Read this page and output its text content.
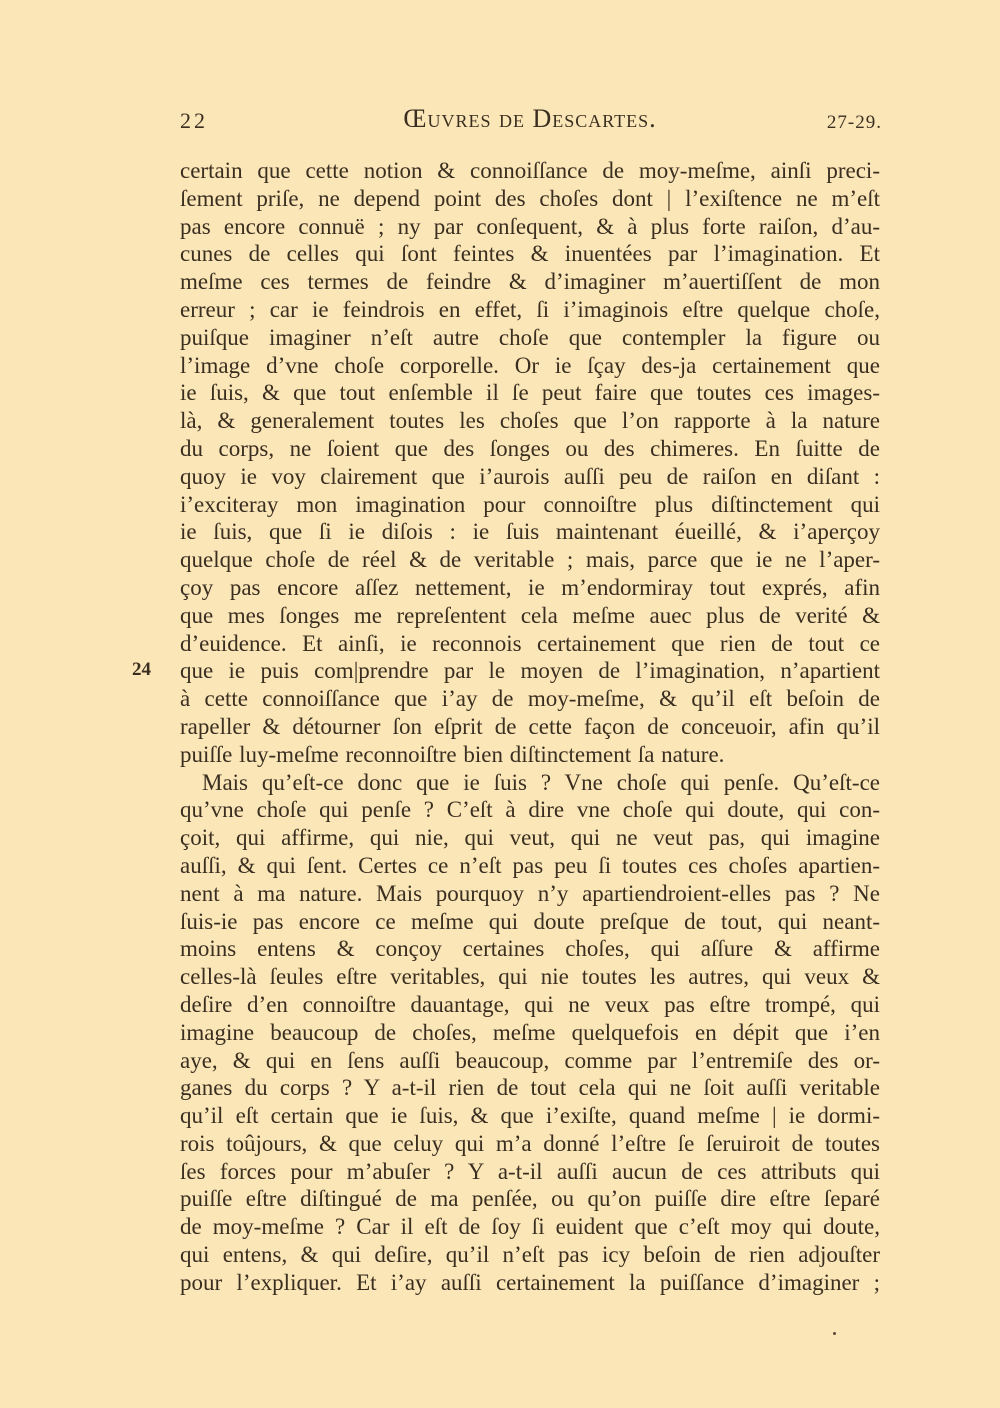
22	Œuvres de Descartes.	27-29.
24
certain que cette notion & connoiſſance de moy-meſme, ainſi preci-
ſement priſe, ne depend point des choſes dont | l’exiſtence ne m’eſt
pas encore connuë ; ny par conſequent, & à plus forte raiſon, d’au-
cunes de celles qui ſont feintes & inuentées par l’imagination. Et
meſme ces termes de feindre & d’imaginer m’auertiſſent de mon
erreur ; car ie feindrois en effet, ſi i’imaginois eſtre quelque choſe,
puiſque imaginer n’eſt autre choſe que contempler la figure ou
l’image d’vne choſe corporelle. Or ie ſçay des-ja certainement que
ie ſuis, & que tout enſemble il ſe peut faire que toutes ces images-
là, & generalement toutes les choſes que l’on rapporte à la nature
du corps, ne ſoient que des ſonges ou des chimeres. En ſuitte de
quoy ie voy clairement que i’aurois auſſi peu de raiſon en diſant :
i’exciteray mon imagination pour connoiſtre plus diſtinctement qui
ie ſuis, que ſi ie diſois : ie ſuis maintenant éueillé, & i’aperçoy
quelque choſe de réel & de veritable ; mais, parce que ie ne l’aper-
çoy pas encore aſſez nettement, ie m’endormiray tout exprés, afin
que mes ſonges me repreſentent cela meſme auec plus de verité &
d’euidence. Et ainſi, ie reconnois certainement que rien de tout ce
que ie puis com|prendre par le moyen de l’imagination, n’apartient
à cette connoiſſance que i’ay de moy-meſme, & qu’il eſt beſoin de
rapeller & détourner ſon eſprit de cette façon de conceuoir, afin qu’il
puiſſe luy-meſme reconnoiſtre bien diſtinctement ſa nature.
Mais qu’eſt-ce donc que ie ſuis ? Vne choſe qui penſe. Qu’eſt-ce
qu’vne choſe qui penſe ? C’eſt à dire vne choſe qui doute, qui con-
çoit, qui affirme, qui nie, qui veut, qui ne veut pas, qui imagine
auſſi, & qui ſent. Certes ce n’eſt pas peu ſi toutes ces choſes apartien-
nent à ma nature. Mais pourquoy n’y apartiendroient-elles pas ? Ne
ſuis-ie pas encore ce meſme qui doute preſque de tout, qui neant-
moins entens & conçoy certaines choſes, qui aſſure & affirme
celles-là ſeules eſtre veritables, qui nie toutes les autres, qui veux &
deſire d’en connoiſtre dauantage, qui ne veux pas eſtre trompé, qui
imagine beaucoup de choſes, meſme quelquefois en dépit que i’en
aye, & qui en ſens auſſi beaucoup, comme par l’entremiſe des or-
ganes du corps ? Y a-t-il rien de tout cela qui ne ſoit auſſi veritable
qu’il eſt certain que ie ſuis, & que i’exiſte, quand meſme | ie dormi-
rois toûjours, & que celuy qui m’a donné l’eſtre ſe ſeruiroit de toutes
ſes forces pour m’abuſer ? Y a-t-il auſſi aucun de ces attributs qui
puiſſe eſtre diſtingué de ma penſée, ou qu’on puiſſe dire eſtre ſeparé
de moy-meſme ? Car il eſt de ſoy ſi euident que c’eſt moy qui doute,
qui entens, & qui deſire, qu’il n’eſt pas icy beſoin de rien adjouſter
pour l’expliquer. Et i’ay auſſi certainement la puiſſance d’imaginer ;
